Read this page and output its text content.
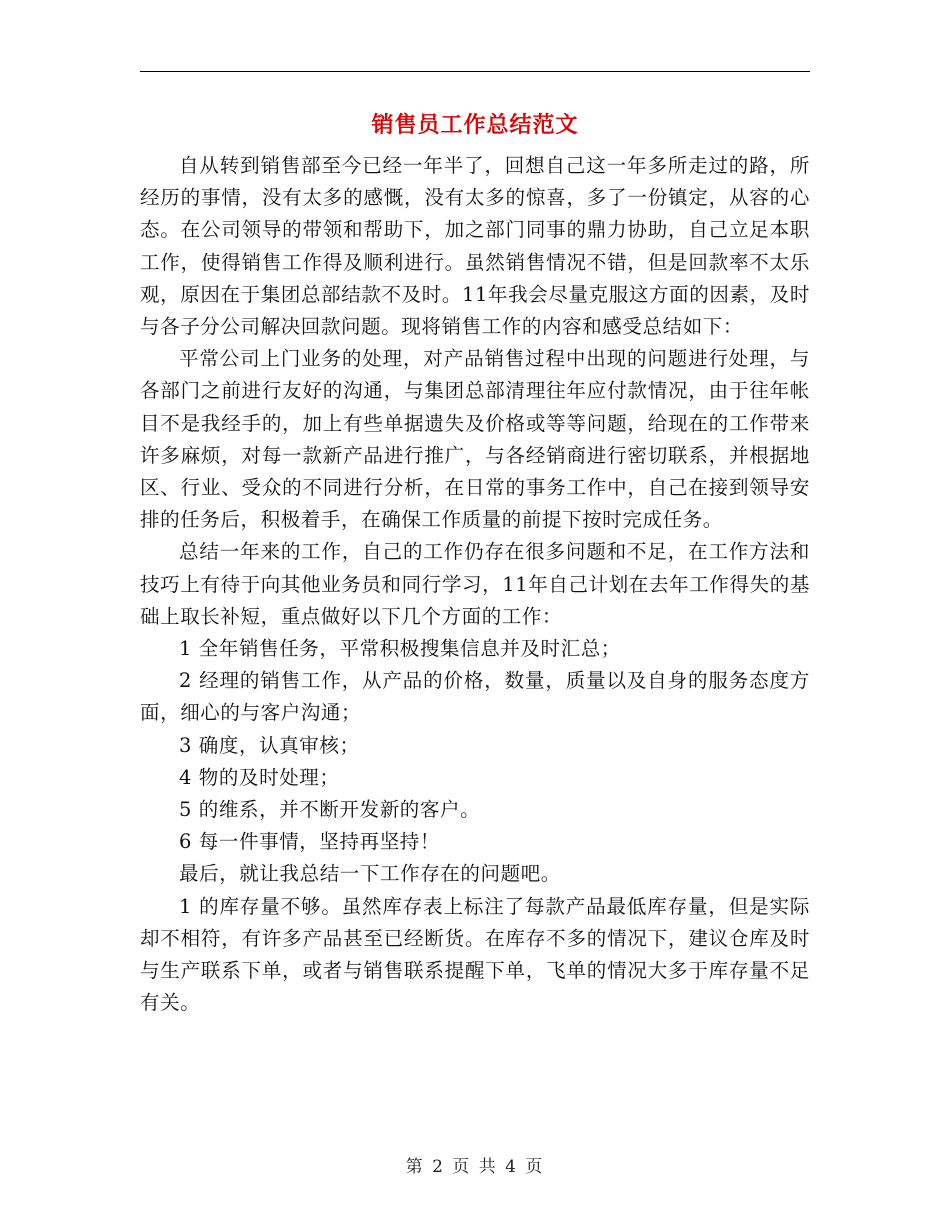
销售员工作总结范文

自从转到销售部至今已经一年半了，回想自己这一年多所走过的路，所经历的事情，没有太多的感慨，没有太多的惊喜，多了一份镇定，从容的心态。在公司领导的带领和帮助下，加之部门同事的鼎力协助，自己立足本职工作，使得销售工作得及顺利进行。虽然销售情况不错，但是回款率不太乐观，原因在于集团总部结款不及时。11年我会尽量克服这方面的因素，及时与各子分公司解决回款问题。现将销售工作的内容和感受总结如下：

平常公司上门业务的处理，对产品销售过程中出现的问题进行处理，与各部门之前进行友好的沟通，与集团总部清理往年应付款情况，由于往年帐目不是我经手的，加上有些单据遗失及价格或等等问题，给现在的工作带来许多麻烦，对每一款新产品进行推广，与各经销商进行密切联系，并根据地区、行业、受众的不同进行分析，在日常的事务工作中，自己在接到领导安排的任务后，积极着手，在确保工作质量的前提下按时完成任务。

总结一年来的工作，自己的工作仍存在很多问题和不足，在工作方法和技巧上有待于向其他业务员和同行学习，11年自己计划在去年工作得失的基础上取长补短，重点做好以下几个方面的工作：

1 全年销售任务，平常积极搜集信息并及时汇总；

2 经理的销售工作，从产品的价格，数量，质量以及自身的服务态度方面，细心的与客户沟通；

3 确度，认真审核；

4 物的及时处理；

5 的维系，并不断开发新的客户。

6 每一件事情，坚持再坚持！

最后，就让我总结一下工作存在的问题吧。

1 的库存量不够。虽然库存表上标注了每款产品最低库存量，但是实际却不相符，有许多产品甚至已经断货。在库存不多的情况下，建议仓库及时与生产联系下单，或者与销售联系提醒下单，飞单的情况大多于库存量不足有关。

第 2 页 共 4 页
